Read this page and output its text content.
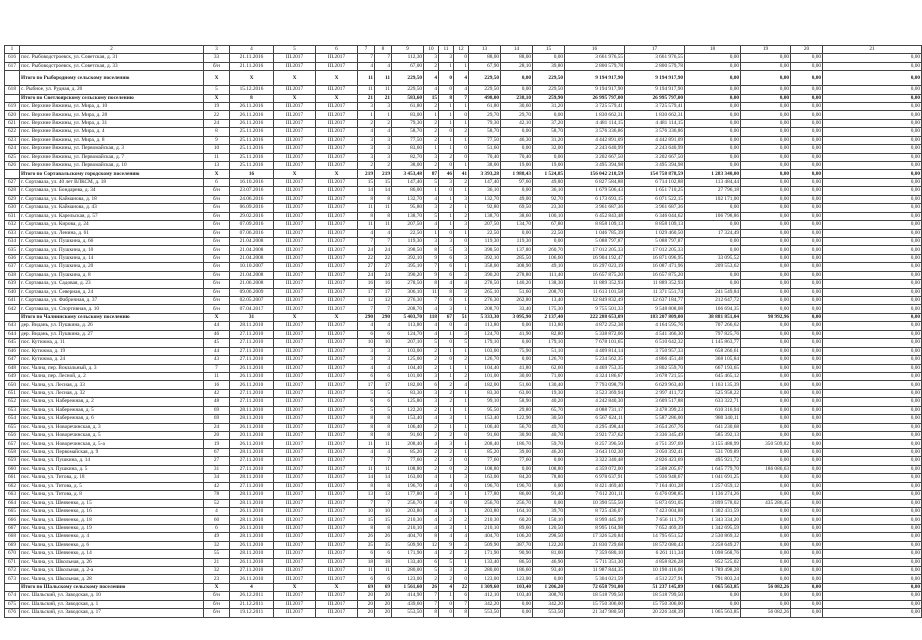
1	2	3	4	5	6	7	8	9	10	11	12	13	14	15	16	17	18	19	20	21
616	пос. Рыбоводстроевск, ул. Советская, д. 31	33	21.11.2016	III.2017	III.2017	7	7	112,30	3	3	0	88,00	88,00	0,00	3 661 976,55	3 661 976,55	0,00	0,00	0,00	0,00
617	пос. Рыбоводстроевск, ул. Советская, д. 33	б/н	21.11.2016	III.2017	III.2017	4	4	67,00	2	1	1	67,90	28,10	39,80	2 800 579,78	2 800 579,78	0,00	0,00	0,00	0,00
	Итого по Рыбородному сельскому поселению	Х	Х	Х	Х	11	11	229,50	4	0	4	229,50	0,00	229,50	9 194 917,90	9 194 917,90	0,00	0,00	0,00	0,00
618	с. Рыбное, ул. Рудная, д. 20	5	15.12.2016	III.2017	III.2017	11	11	229,50	4	0	4	229,50	0,00	229,50	9 194 917,90	9 194 917,90	0,00	0,00	0,00	0,00
	Итого по Светлоярскому сельскому поселению	Х	8	Х	Х	21	21	583,60	15	8	7	498,00	238,10	259,90	26 995 797,00	26 995 797,00	0,00	0,00	0,00	0,00
619	пос. Верхние Вяжины, ул. Мира, д. 10	19	26.11.2016	III.2017	III.2017	3	3	61,80	2	1	1	61,80	30,60	31,20	3 725 579,41	3 725 579,41	0,00	0,00	0,00	0,00
620	пос. Верхние Вяжины, ул. Мира, д. 28	22	26.11.2016	III.2017	III.2017	1	1	83,00	1	1	0	29,70	29,70	0,00	1 830 662,31	1 830 662,31	0,00	0,00	0,00	0,00
621	пос. Верхние Вяжины, ул. Мира, д. 31	24	26.11.2016	III.2017	III.2017	2	2	79,30	2	1	1	79,30	42,10	37,20	4 481 114,15	4 481 114,15	0,00	0,00	0,00	0,00
622	пос. Верхние Вяжины, ул. Мира, д. 4	8	25.11.2016	III.2017	III.2017	4	4	58,70	2	0	2	58,70	0,00	58,70	3 576 336,86	3 576 336,86	0,00	0,00	0,00	0,00
623	пос. Верхние Вяжины, ул. Мира, д. 8	9	25.11.2016	III.2017	III.2017	3	3	77,50	2	1	1	77,50	46,30	31,20	4 442 891,09	4 442 891,09	0,00	0,00	0,00	0,00
624	пос. Верхние Вяжины, ул. Первомайская, д. 3	10	25.11.2016	III.2017	III.2017	3	3	83,60	1	1	0	51,60	0,00	32,00	2 243 640,99	2 243 640,99	0,00	0,00	0,00	0,00
625	пос. Верхние Вяжины, ул. Первомайская, д. 7	11	25.11.2016	III.2017	III.2017	3	3	82,70	3	2	0	70,40	70,40	0,00	3 202 667,50	3 202 667,50	0,00	0,00	0,00	0,00
626	пос. Верхние Вяжины, ул. Первомайская, д. 10	13	25.11.2016	III.2017	III.2017	2	2	38,00	2	0	1	38,00	19,00	19,00	3 495 394,98	3 495 394,98	0,00	0,00	0,00	0,00
	Итого по Сортавальскому городскому поселению	Х	16	Х	Х	219	219	3 453,48	87	46	41	3 393,28	1 988,43	1 524,85	156 042 218,59	154 758 878,59	1 283 340,00	0,00	0,00	0,00
627	г. Сортавала, ул. 40 лет ВЛКСМ, д. 18	6	16.10.2016	III.2017	III.2017	15	15	147,40	5	3	2	147,40	97,60	49,80	6 827 584,88	6 714 102,88	113 484,44	0,00	0,00	0,00
628	г. Сортавала, ул. Бондарева, д. 34	б/н	23.07.2016	III.2017	III.2017	14	14	86,00	1	0	1	36,10	0,00	36,10	1 679 506,43	1 651 710,25	27 796,18	0,00	0,00	0,00
629	г. Сортавала, ул. Кайманова, д. 18	б/н	24.06.2016	III.2017	III.2017	8	8	132,70	4	1	3	132,70	49,00	92,70	6 173 693,15	6 071 522,15	102 171,00	0,00	0,00	0,00
630	г. Сортавала, ул. Кайманова, д. 43	б/н	06.09.2016	III.2017	III.2017	11	11	95,80	3	2	1	92,80	69,50	23,30	3 961 687,36	3 961 687,36	0,00	0,00	0,00	0,00
631	г. Сортавала, ул. Карельская, д. 57	б/н	29.02.2016	III.2017	III.2017	8	8	138,70	5	1	2	138,70	38,60	100,10	6 452 843,48	6 346 044,62	106 798,86	0,00	0,00	0,00
632	г. Сортавала, ул. Кирова, д. 24	б/н	07.09.2016	III.2017	III.2017	11	11	207,50	4	1	3	207,50	134,70	67,80	8 858 109,13	8 858 109,13	0,00	0,00	0,00	0,00
633	г. Сортавала, ул. Ленина, д. 61	б/н	07.06.2016	III.2017	III.2017	4	4	22,50	1	0	1	22,50	0,00	22,50	1 046 785,39	1 029 460,50	17 324,49	0,00	0,00	0,00
634	г. Сортавала, ул. Пушкина, д. 66	б/н	21.04.2008	III.2017	III.2017	7	7	119,30	3	3	0	119,30	119,30	0,00	5 088 797,87	5 088 797,87	0,00	0,00	0,00	0,00
635	г. Сортавала, ул. Пушкина, д. 10	б/н	21.04.2008	III.2017	III.2017	24	24	398,50	8	5	3	398,50	137,80	260,70	17 012 205,33	17 012 205,33	0,00	0,00	0,00	0,00
636	г. Сортавала, ул. Пушкина, д. 14	б/н	21.04.2008	III.2017	III.2017	22	22	392,10	9	6	3	392,10	285,50	106,60	16 904 192,47	16 871 096,95	33 095,52	0,00	0,00	0,00
637	г. Сортавала, ул. Пушкина, д. 20	б/н	10.10.2007	III.2017	III.2017	27	27	395,10	7	6	1	358,00	308,90	49,10	16 297 023,19	16 087 471,96	209 553,62	0,00	0,00	0,00
638	г. Сортавала, ул. Пушкина, д. 8	б/н	21.04.2008	III.2017	III.2017	24	24	390,20	9	6	3	390,20	278,80	111,40	16 657 875,20	16 657 875,20	0,00	0,00	0,00	0,00
639	г. Сортавала, ул. Садовая, д. 23	б/н	21.06.2008	III.2017	III.2017	16	16	278,50	8	4	4	278,50	140,20	138,30	11 889 352,93	11 889 352,93	0,00	0,00	0,00	0,00
640	г. Сортавала, ул. Северная, д. 24	б/н	09.06.2009	III.2017	III.2017	17	17	306,10	11	8	3	265,10	51,60	208,70	11 613 101,58	11 371 551,74	241 549,84	0,00	0,00	0,00
641	г. Сортавала, ул. Фабричная, д. 37	б/н	02.05.2007	III.2017	III.2017	12	12	276,30	7	6	1	276,30	262,80	13,40	12 849 832,49	12 637 184,77	212 647,72	0,00	0,00	0,00
642	г. Сортавала, ул. Спортивная, д. 10	б/н	07.04.2017	III.2017	III.2017	7	7	208,70	4	3	1	208,70	33,40	175,30	9 755 501,33	9 548 808,08	166 694,35	0,00	0,00	0,00
	Итого по Чалнинскому сельскому поселению	Х	31	Х	Х	290	290	5 403,70	118	67	51	5 333,30	3 095,90	2 137,40	222 288 653,09	183 207 809,00	38 881 851,04	98 992,96	0,00	0,00
643	дер. Видань, ул. Пушкина, д. 26	44	28.11.2010	III.2017	III.2017	4	4	113,80	4	0	4	113,80	0,00	113,80	4 872 252,38	4 164 595,76	707 266,62	0,00	0,00	0,00
644	дер. Видань, ул. Пушкина, д. 27	46	27.11.2010	III.2017	III.2017	6	6	124,70	4	1	3	124,70	41,90	82,80	5 338 872,06	4 541 366,30	797 825,76	0,00	0,00	0,00
645	пос. Кутижма, д. 11	45	27.11.2010	III.2017	III.2017	10	10	207,10	5	0	5	179,10	0,00	179,10	7 678 101,65	6 510 642,32	1 145 863,77	0,00	0,00	0,00
646	пос. Кутижма, д. 19	44	27.11.2010	III.2017	III.2017	3	3	103,00	2	1	1	103,00	75,90	51,10	4 409 814,14	3 750 957,33	658 266,61	0,00	0,00	0,00
647	пос. Кутижма, д. 24	43	27.11.2010	III.2017	III.2017	3	3	125,00	2	0	2	126,70	0,00	126,70	5 234 562,35	4 866 451,48	368 105,84	0,00	0,00	0,00
648	пос. Чална, пер. Вокзальный, д. 3	7	26.11.2010	III.2017	III.2017	4	4	104,40	2	1	1	104,40	41,80	62,60	4 469 753,35	3 802 559,70	667 193,65	0,00	0,00	0,00
649	пос. Чална, пер. Лесной, д. 2	11	26.11.2010	III.2017	III.2017	6	6	101,00	3	1	2	101,00	30,00	71,00	4 324 186,67	3 678 721,55	645 465,12	0,00	0,00	0,00
650	пос. Чална, ул. Лесная, д. 33	16	26.11.2010	III.2017	III.2017	17	17	182,00	6	2	4	182,00	51,60	130,40	7 793 098,79	6 629 963,40	1 163 135,39	0,00	0,00	0,00
651	пос. Чална, ул. Лесная, д. 32	42	27.11.2010	III.2017	III.2017	5	5	83,30	3	2	1	83,30	63,00	19,30	3 523 369,94	2 997 411,72	525 958,22	0,00	0,00	0,00
652	пос. Чална, ул. Набережная, д. 2	48	27.11.2010	III.2017	III.2017	6	6	125,80	3	2	1	99,10	58,90	40,20	4 242 840,30	3 609 517,88	633 322,71	0,00	0,00	0,00
653	пос. Чална, ул. Набережная, д. 5	69	28.11.2010	III.2017	III.2017	5	5	122,20	2	1	1	95,50	29,80	65,70	4 088 731,17	3 478 399,23	610 316,94	0,00	0,00	0,00
654	пос. Чална, ул. Набережная, д. 6	69	28.11.2010	III.2017	III.2017	8	8	153,40	4	3	1	153,40	122,90	30,50	6 567 624,11	5 587 286,00	980 340,11	0,00	0,00	0,00
655	пос. Чална, ул. Новоречинская, д. 3	24	26.11.2010	III.2017	III.2017	8	8	106,40	2	1	1	106,40	56,70	49,70	4 295 498,44	3 654 267,76	641 230,68	0,00	0,00	0,00
656	пос. Чална, ул. Новоречинская, д. 5	20	20.11.2010	III.2017	III.2017	8	8	91,60	2	2	0	91,60	30,90	40,70	3 921 737,62	3 336 345,49	585 392,13	0,00	0,00	0,00
657	пос. Чална, ул. Новоречинская, д. 5-а	19	26.11.2010	III.2017	III.2017	11	11	208,40	4	3	1	208,40	186,70	59,70	8 257 396,50	4 751 397,69	3 155 488,99	350 509,82	0,00	0,00
658	пос. Чална, ул. Первомайская, д. 9	67	28.11.2010	III.2017	III.2017	4	4	85,20	2	2	1	85,20	39,00	46,20	3 643 102,30	3 050 392,41	531 709,89	0,00	0,00	0,00
659	пос. Чална, ул. Пушкина, д. 14	27	27.11.2010	III.2017	III.2017	7	7	77,60	2	2	0	77,60	77,60	0,00	3 322 340,48	2 826 423,69	495 921,72	0,00	0,00	0,00
660	пос. Чална, ул. Пушкина, д. 5	31	27.11.2010	III.2017	III.2017	11	11	108,80	2	0	2	108,80	0,00	108,80	4 359 072,00	3 508 205,67	1 645 779,70	186 086,63	0,00	0,00
661	пос. Чална, ул. Титова, д. 18	34	28.11.2010	III.2017	III.2017	14	14	163,00	4	1	3	163,00	84,20	78,80	6 978 637,91	5 936 948,67	1 041 691,25	0,00	0,00	0,00
662	пос. Чална, ул. Титова, д. 5	42	27.11.2010	III.2017	III.2017	8	8	196,70	4	4	0	196,70	196,70	0,00	8 421 469,40	7 164 401,28	1 257 059,12	0,00	0,00	0,00
663	пос. Чална, ул. Титова, д. 8	78	28.11.2010	III.2017	III.2017	13	13	177,80	4	3	1	177,80	86,00	91,40	7 612 201,11	6 476 098,85	1 136 274,26	0,00	0,00	0,00
664	пос. Чална, ул. Шевченко, д. 15	52	28.11.2010	III.2017	III.2017	7	7	256,70	4	4	0	256,70	256,70	0,00	10 390 555,50	5 873 691,05	3 899 578,02	435 286,45	0,00	0,00
665	пос. Чална, ул. Шевченко, д. 16	4	26.11.2010	III.2017	III.2017	10	10	203,80	4	3	1	203,80	164,10	39,70	8 725 436,07	7 423 004,88	1 302 431,59	0,00	0,00	0,00
666	пос. Чална, ул. Шевченко, д. 18	60	28.11.2010	III.2017	III.2017	15	15	210,30	4	2	2	210,30	60,20	150,10	8 999 445,99	7 656 111,79	1 343 334,20	0,00	0,00	0,00
667	пос. Чална, ул. Шевченко, д. 19	6	26.11.2010	III.2017	III.2017	8	8	210,10	4	3	1	210,10	89,60	120,50	8 995 164,98	7 652 469,39	1 342 695,59	0,00	0,00	0,00
668	пос. Чална, ул. Шевченко, д. 4	49	28.11.2010	III.2017	III.2017	26	26	404,70	8	4	4	404,70	106,20	298,50	17 326 520,84	14 795 651,52	2 530 869,32	0,00	0,00	0,00
669	пос. Чална, ул. Шевченко, д. 6	32	26.11.2010	III.2017	III.2017	35	35	509,90	12	9	3	509,90	387,70	122,20	21 830 729,68	18 572 080,43	3 258 649,27	0,00	0,00	0,00
670	пос. Чална, ул. Шевченко, д. 14	55	28.11.2010	III.2017	III.2017	6	6	171,90	4	2	2	171,90	90,90	81,00	7 359 680,10	6 261 111,34	1 098 568,76	0,00	0,00	0,00
671	пос. Чална, ул. Школьная, д. 26	21	26.11.2010	III.2017	III.2017	18	18	133,40	6	5	1	133,40	86,50	46,90	5 711 351,30	4 858 826,28	852 525,02	0,00	0,00	0,00
672	пос. Чална, ул. Школьная, д. 2-а	32	27.11.2010	III.2017	III.2017	11	11	280,00	5	3	2	280,00	186,60	93,40	11 987 844,35	10 198 416,06	1 789 498,28	0,00	0,00	0,00
673	пос. Чална, ул. Школьная, д. 28	23	26.11.2010	III.2017	III.2017	6	6	123,00	2	2	0	123,00	123,00	0,00	5 304 021,59	4 512 227,91	791 803,24	0,00	0,00	0,00
	Итого по Шальскому сельскому поселению	Х	4	Х	Х	69	69	1 561,60	26	4	22	1 309,60	103,40	1 206,20	72 658 791,00	51 237 145,89	1 065 563,85	56 082,26	0,00	0,00
674	пос. Шальский, ул. Заводская, д. 10	б/н	26.12.2011	III.2017	III.2017	20	20	414,90	7	1	6	412,10	103,40	308,70	18 518 799,50	18 518 799,50	0,00	0,00	0,00	0,00
675	пос. Шальский, ул. Заводская, д. 1	б/н	21.12.2011	III.2017	III.2017	20	20	439,60	7	0	7	342,20	0,00	342,20	15 750 306,00	15 750 306,00	0,00	0,00	0,00	0,00
676	пос. Шальский, ул. Заводская, д. 17	б/н	19.12.2011	III.2017	III.2017	20	20	553,50	8	0	8	553,50	0,00	553,50	21 347 980,50	20 226 348,39	1 065 563,85	56 082,26	0,00	0,00
